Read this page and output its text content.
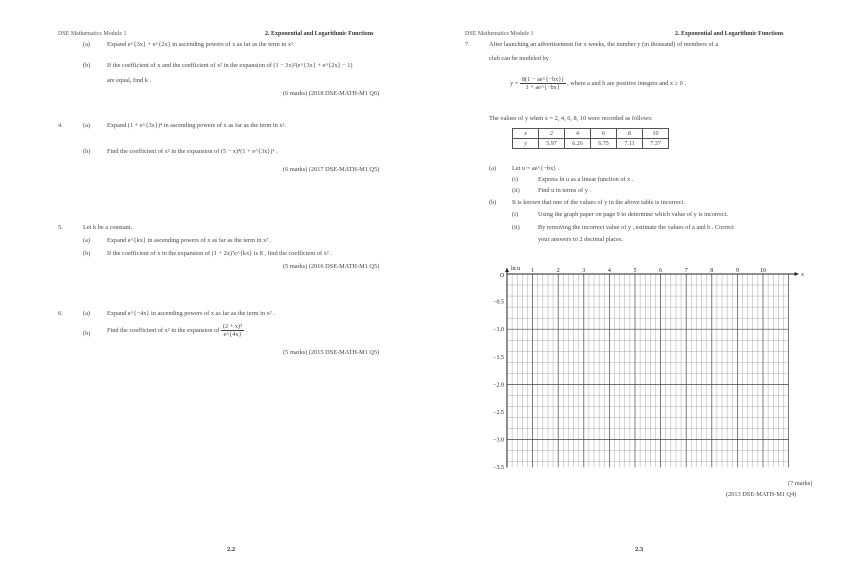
DSE Mathematics Module 1	2. Exponential and Logarithmic Functions
(a)	Expand e^{3x} + e^{2x} in ascending powers of x as far as the term in x².
(b)	If the coefficient of x and the coefficient of x² in the expansion of (1 − 3x)²(e^{3x} + e^{2x} − 1)
are equal, find k .
(6 marks) (2018 DSE-MATH-M1 Q6)
4.	(a)	Expand (1 + e^{3x})⁴ in ascending powers of x as far as the term in x².
(b)	Find the coefficient of x² in the expansion of (5 − x)⁴(1 + e^{3x})⁴ .
(6 marks) (2017 DSE-MATH-M1 Q5)
5.	Let k be a constant.
(a)	Expand e^{kx} in ascending powers of x as far as the term in x² .
(b)	If the coefficient of x in the expansion of (1 + 2x)⁷e^{kx} is 8 , find the coefficient of x² .
(5 marks) (2016 DSE-MATH-M1 Q5)
6.	(a)	Expand e^{−4x} in ascending powers of x as far as the term in x² .
(b)	Find the coefficient of x² in the expansion of $\frac{\text{(2 + x)⁵}}{e\^{}\{4x\}}$ .
(5 marks) (2015 DSE-MATH-M1 Q5)
2.2
DSE Mathematics Module 1	2. Exponential and Logarithmic Functions
7.	After launching an advertisement for x weeks, the number y (in thousand) of members of a
club can be modeled by
$y = \frac{8(1 - ae\^{}\{-bx\})}{1 + ae\^{}\{-bx\}}$ , where a and b are positive integers and x ≥ 0 .
The values of y when x = 2, 4, 6, 8, 10 were recorded as follows:
x	2	4	6	8	10
y	5.97	6.26	6.75	7.11	7.37
(a)	Let u = ae^{−bx} .
(i)	Express ln u as a linear function of x .
(ii)	Find u in terms of y .
(b) It is known that one of the values of y in the above table is incorrect.
(i)	Using the graph paper on page 9 to determine which value of y is incorrect.
(ii)	By removing the incorrect value of y , estimate the values of a and b . Correct
your answers to 2 decimal places.
O
ln u
x
1	2	3	4	5	6	7	8	9	10
−0.5
−1.0
−1.5
−2.0
−2.5
−3.0
−3.5
(7 marks)
(2013 DSE-MATH-M1 Q4)
2.3
